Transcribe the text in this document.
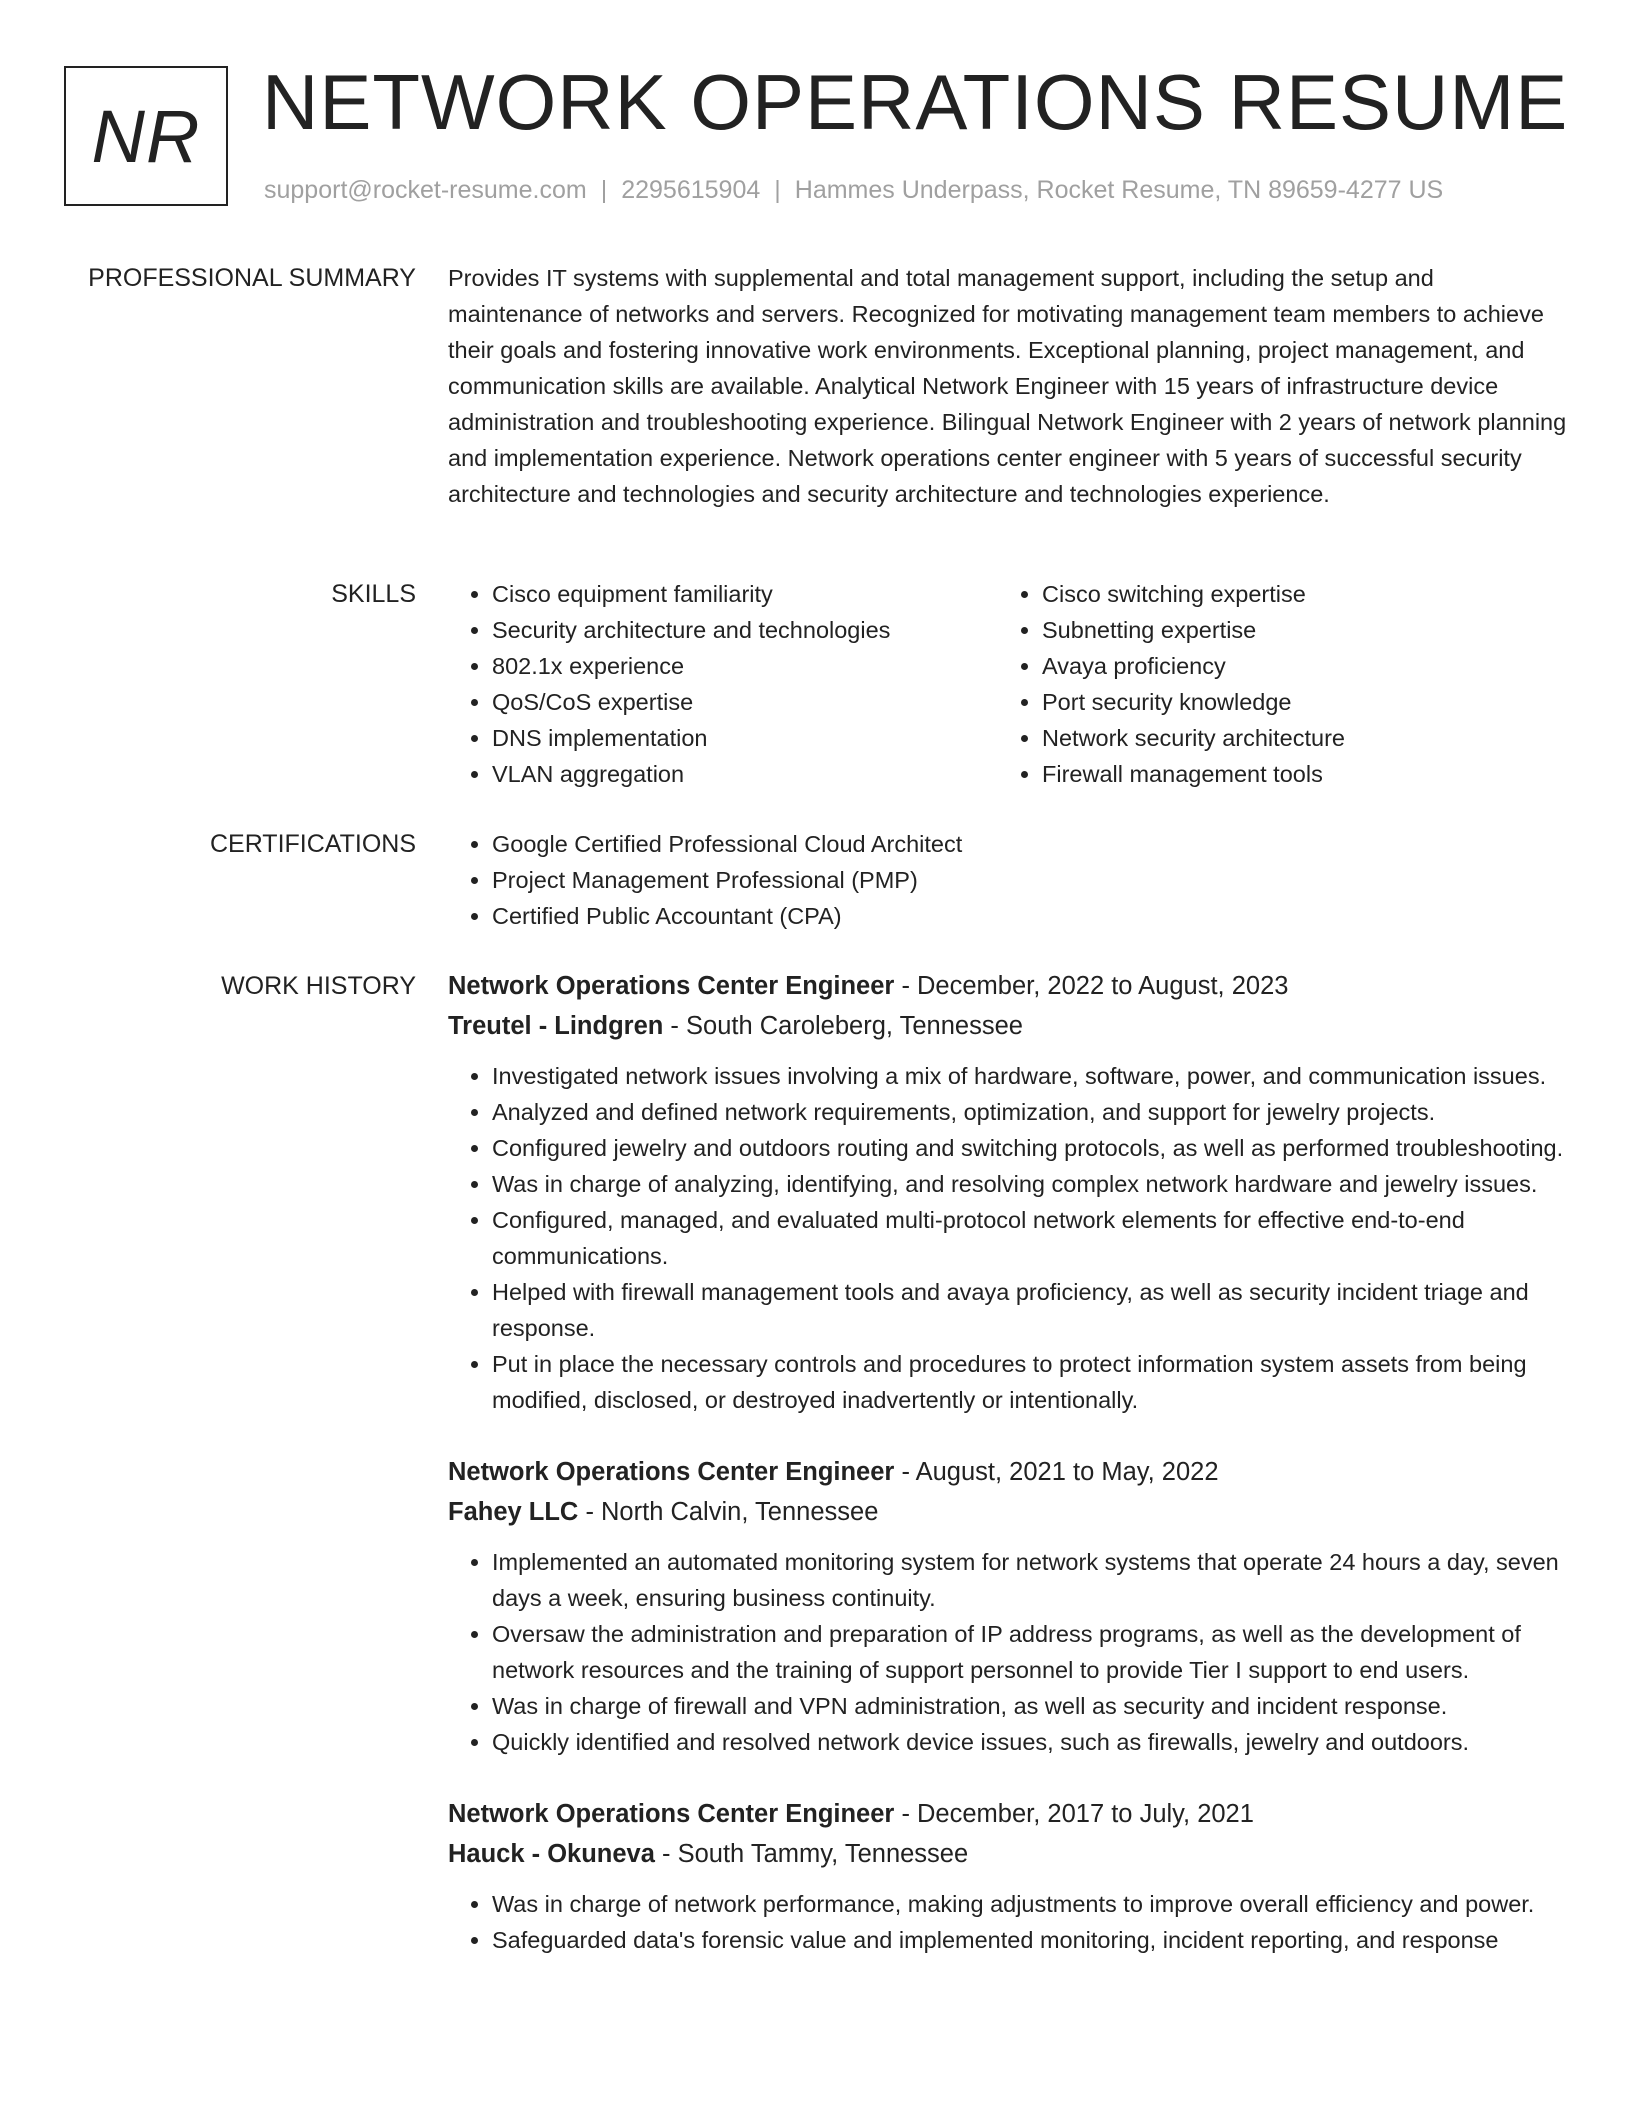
NR NETWORK OPERATIONS RESUME
support@rocket-resume.com | 2295615904 | Hammes Underpass, Rocket Resume, TN 89659-4277 US
PROFESSIONAL SUMMARY Provides IT systems with supplemental and total management support, including the setup and maintenance of networks and servers. Recognized for motivating management team members to achieve their goals and fostering innovative work environments. Exceptional planning, project management, and communication skills are available. Analytical Network Engineer with 15 years of infrastructure device administration and troubleshooting experience. Bilingual Network Engineer with 2 years of network planning and implementation experience. Network operations center engineer with 5 years of successful security architecture and technologies and security architecture and technologies experience.

SKILLS	• Cisco equipment familiarity
• Security architecture and technologies
• 802.1x experience
• QoS/CoS expertise
• DNS implementation
• VLAN aggregation
• Cisco switching expertise
• Subnetting expertise
• Avaya proficiency
• Port security knowledge
• Network security architecture
• Firewall management tools
CERTIFICATIONS	• Google Certified Professional Cloud Architect
• Project Management Professional (PMP)
• Certified Public Accountant (CPA)
WORK HISTORY Network Operations Center Engineer - December, 2022 to August, 2023
Treutel - Lindgren - South Caroleberg, Tennessee
• Investigated network issues involving a mix of hardware, software, power, and communication issues.
• Analyzed and defined network requirements, optimization, and support for jewelry projects.
• Configured jewelry and outdoors routing and switching protocols, as well as performed troubleshooting.
• Was in charge of analyzing, identifying, and resolving complex network hardware and jewelry issues.
• Configured, managed, and evaluated multi-protocol network elements for effective end-to-end communications.
• Helped with firewall management tools and avaya proficiency, as well as security incident triage and response.
• Put in place the necessary controls and procedures to protect information system assets from being modified, disclosed, or destroyed inadvertently or intentionally.
Network Operations Center Engineer - August, 2021 to May, 2022
Fahey LLC - North Calvin, Tennessee
• Implemented an automated monitoring system for network systems that operate 24 hours a day, seven days a week, ensuring business continuity.
• Oversaw the administration and preparation of IP address programs, as well as the development of network resources and the training of support personnel to provide Tier I support to end users.
• Was in charge of firewall and VPN administration, as well as security and incident response.
• Quickly identified and resolved network device issues, such as firewalls, jewelry and outdoors.
Network Operations Center Engineer - December, 2017 to July, 2021
Hauck - Okuneva - South Tammy, Tennessee
• Was in charge of network performance, making adjustments to improve overall efficiency and power.
• Safeguarded data's forensic value and implemented monitoring, incident reporting, and response
